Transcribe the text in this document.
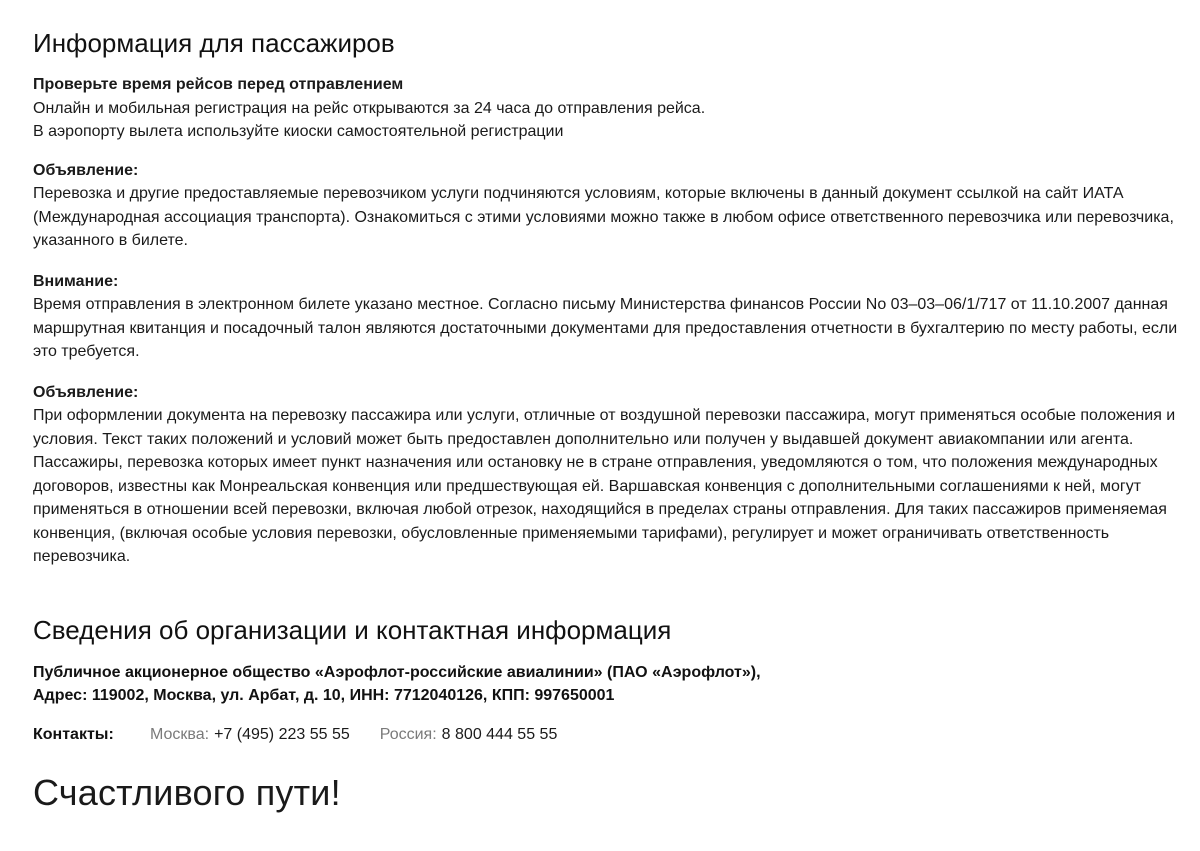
Информация для пассажиров

Проверьте время рейсов перед отправлением

Онлайн и мобильная регистрация на рейс открываются за 24 часа до отправления рейса.

В аэропорту вылета используйте киоски самостоятельной регистрации

Объявление:

Перевозка и другие предоставляемые перевозчиком услуги подчиняются условиям, которые включены в данный документ ссылкой на сайт ИАТА (Международная ассоциация транспорта). Ознакомиться с этими условиями можно также в любом офисе ответственного перевозчика или перевозчика, указанного в билете.

Внимание:

Время отправления в электронном билете указано местное. Согласно письму Министерства финансов России No 03–03–06/1/717 от 11.10.2007 данная маршрутная квитанция и посадочный талон являются достаточными документами для предоставления отчетности в бухгалтерию по месту работы, если это требуется.

Объявление:

При оформлении документа на перевозку пассажира или услуги, отличные от воздушной перевозки пассажира, могут применяться особые положения и условия. Текст таких положений и условий может быть предоставлен дополнительно или получен у выдавшей документ авиакомпании или агента. Пассажиры, перевозка которых имеет пункт назначения или остановку не в стране отправления, уведомляются о том, что положения международных договоров, известны как Монреальская конвенция или предшествующая ей. Варшавская конвенция с дополнительными соглашениями к ней, могут применяться в отношении всей перевозки, включая любой отрезок, находящийся в пределах страны отправления. Для таких пассажиров применяемая конвенция, (включая особые условия перевозки, обусловленные применяемыми тарифами), регулирует и может ограничивать ответственность перевозчика.

Сведения об организации и контактная информация

Публичное акционерное общество «Аэрофлот-российские авиалинии» (ПАО «Аэрофлот»),

Адрес: 119002, Москва, ул. Арбат, д. 10, ИНН: 7712040126, КПП: 997650001

Контакты:	Москва: +7 (495) 223 55 55 Россия: 8 800 444 55 55
Счастливого пути!
